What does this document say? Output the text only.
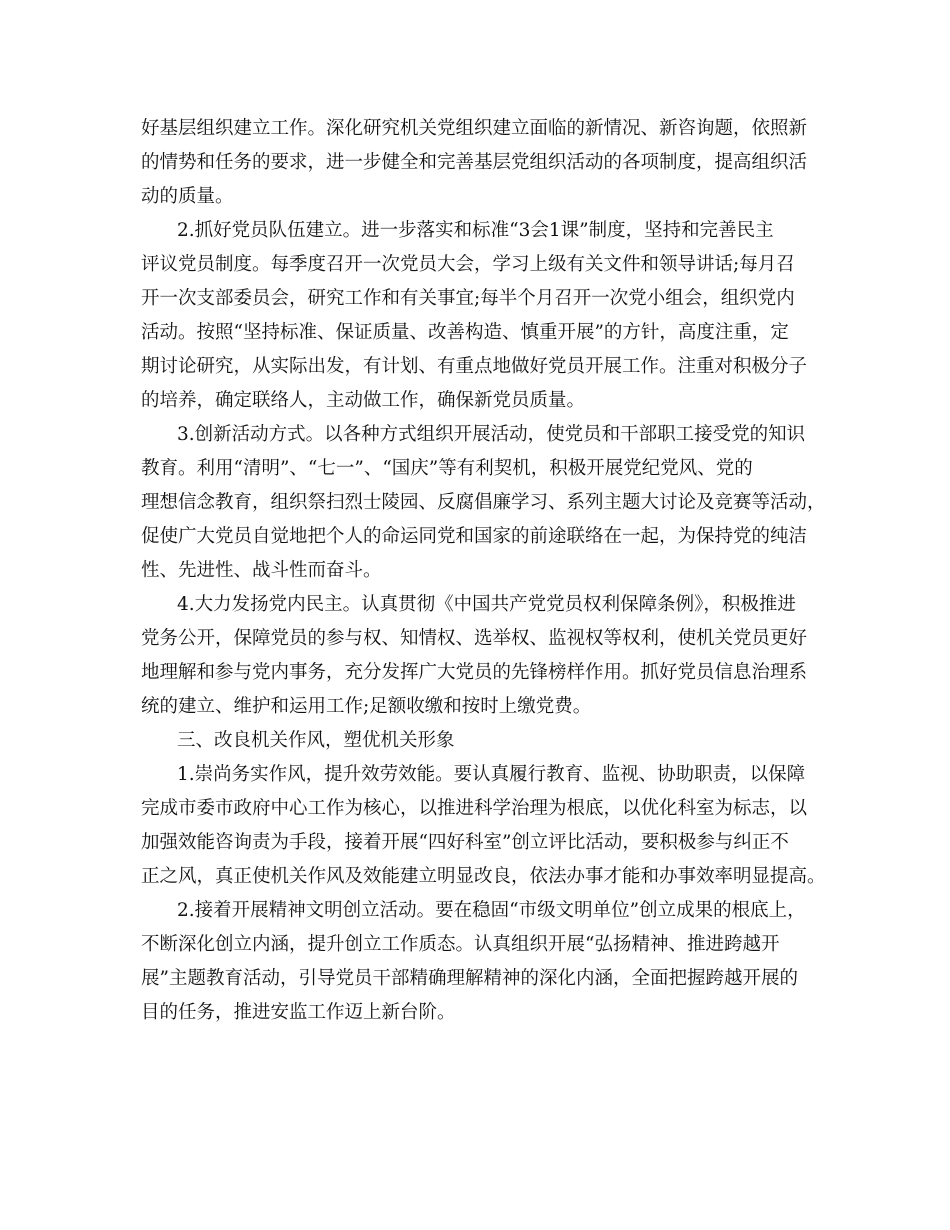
好基层组织建立工作。深化研究机关党组织建立面临的新情况、新咨询题，依照新
的情势和任务的要求，进一步健全和完善基层党组织活动的各项制度，提高组织活
动的质量。
2.抓好党员队伍建立。进一步落实和标准“3会1课”制度，坚持和完善民主
评议党员制度。每季度召开一次党员大会，学习上级有关文件和领导讲话;每月召
开一次支部委员会，研究工作和有关事宜;每半个月召开一次党小组会，组织党内
活动。按照“坚持标准、保证质量、改善构造、慎重开展”的方针，高度注重，定
期讨论研究，从实际出发，有计划、有重点地做好党员开展工作。注重对积极分子
的培养，确定联络人，主动做工作，确保新党员质量。
3.创新活动方式。以各种方式组织开展活动，使党员和干部职工接受党的知识
教育。利用“清明”、“七一”、“国庆”等有利契机，积极开展党纪党风、党的
理想信念教育，组织祭扫烈士陵园、反腐倡廉学习、系列主题大讨论及竞赛等活动，
促使广大党员自觉地把个人的命运同党和国家的前途联络在一起，为保持党的纯洁
性、先进性、战斗性而奋斗。
4.大力发扬党内民主。认真贯彻《中国共产党党员权利保障条例》，积极推进
党务公开，保障党员的参与权、知情权、选举权、监视权等权利，使机关党员更好
地理解和参与党内事务，充分发挥广大党员的先锋榜样作用。抓好党员信息治理系
统的建立、维护和运用工作;足额收缴和按时上缴党费。
三、改良机关作风，塑优机关形象
1.崇尚务实作风，提升效劳效能。要认真履行教育、监视、协助职责，以保障
完成市委市政府中心工作为核心，以推进科学治理为根底，以优化科室为标志，以
加强效能咨询责为手段，接着开展“四好科室”创立评比活动，要积极参与纠正不
正之风，真正使机关作风及效能建立明显改良，依法办事才能和办事效率明显提高。
2.接着开展精神文明创立活动。要在稳固“市级文明单位”创立成果的根底上，
不断深化创立内涵，提升创立工作质态。认真组织开展“弘扬精神、推进跨越开
展”主题教育活动，引导党员干部精确理解精神的深化内涵，全面把握跨越开展的
目的任务，推进安监工作迈上新台阶。
